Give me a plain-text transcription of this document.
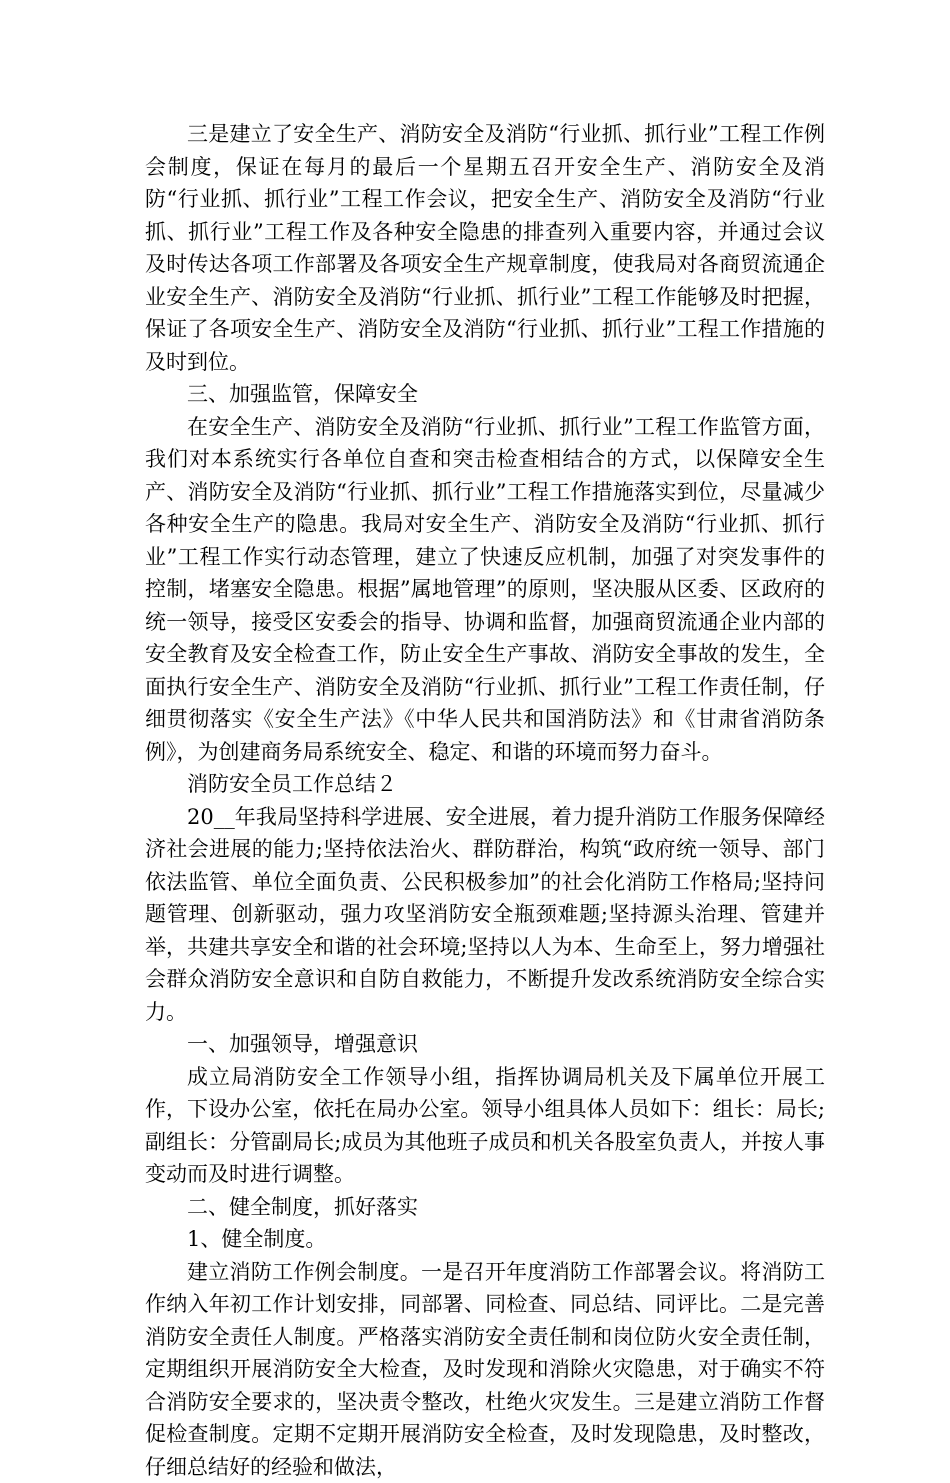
三是建立了安全生产、消防安全及消防“行业抓、抓行业”工程工作例会制度，保证在每月的最后一个星期五召开安全生产、消防安全及消防“行业抓、抓行业”工程工作会议，把安全生产、消防安全及消防“行业抓、抓行业”工程工作及各种安全隐患的排查列入重要内容，并通过会议及时传达各项工作部署及各项安全生产规章制度，使我局对各商贸流通企业安全生产、消防安全及消防“行业抓、抓行业”工程工作能够及时把握，保证了各项安全生产、消防安全及消防“行业抓、抓行业”工程工作措施的及时到位。

三、加强监管，保障安全

在安全生产、消防安全及消防“行业抓、抓行业”工程工作监管方面，我们对本系统实行各单位自查和突击检查相结合的方式，以保障安全生产、消防安全及消防“行业抓、抓行业”工程工作措施落实到位，尽量减少各种安全生产的隐患。我局对安全生产、消防安全及消防“行业抓、抓行业”工程工作实行动态管理，建立了快速反应机制，加强了对突发事件的控制，堵塞安全隐患。根据”属地管理”的原则，坚决服从区委、区政府的统一领导，接受区安委会的指导、协调和监督，加强商贸流通企业内部的安全教育及安全检查工作，防止安全生产事故、消防安全事故的发生，全面执行安全生产、消防安全及消防“行业抓、抓行业”工程工作责任制，仔细贯彻落实《安全生产法》《中华人民共和国消防法》和《甘肃省消防条例》，为创建商务局系统安全、稳定、和谐的环境而努力奋斗。

消防安全员工作总结２

20__年我局坚持科学进展、安全进展，着力提升消防工作服务保障经济社会进展的能力;坚持依法治火、群防群治，构筑“政府统一领导、部门依法监管、单位全面负责、公民积极参加”的社会化消防工作格局;坚持问题管理、创新驱动，强力攻坚消防安全瓶颈难题;坚持源头治理、管建并举，共建共享安全和谐的社会环境;坚持以人为本、生命至上，努力增强社会群众消防安全意识和自防自救能力，不断提升发改系统消防安全综合实力。

一、加强领导，增强意识

成立局消防安全工作领导小组，指挥协调局机关及下属单位开展工作，下设办公室，依托在局办公室。领导小组具体人员如下：组长：局长;副组长：分管副局长;成员为其他班子成员和机关各股室负责人，并按人事变动而及时进行调整。

二、健全制度，抓好落实

1、健全制度。

建立消防工作例会制度。一是召开年度消防工作部署会议。将消防工作纳入年初工作计划安排，同部署、同检查、同总结、同评比。二是完善消防安全责任人制度。严格落实消防安全责任制和岗位防火安全责任制，定期组织开展消防安全大检查，及时发现和消除火灾隐患，对于确实不符合消防安全要求的，坚决责令整改，杜绝火灾发生。三是建立消防工作督促检查制度。定期不定期开展消防安全检查，及时发现隐患，及时整改，仔细总结好的经验和做法，
